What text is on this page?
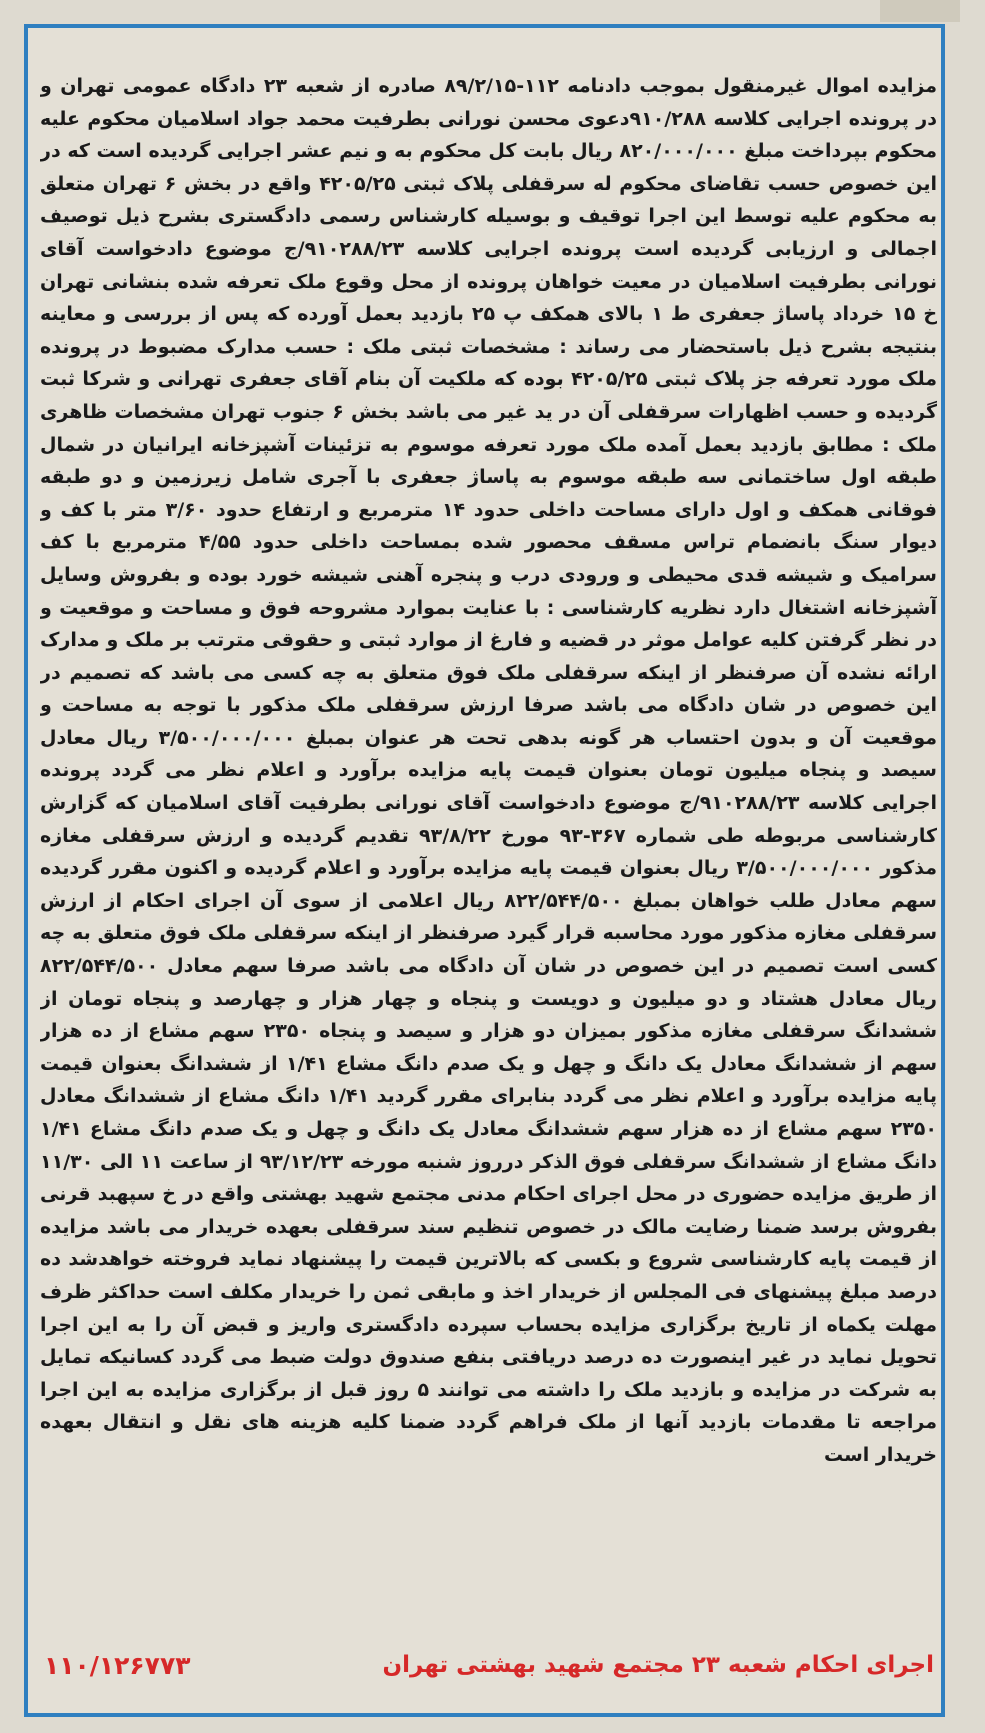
مزایده اموال غیرمنقول بموجب دادنامه ۱۱۲-۸۹/۲/۱۵ صادره از شعبه ۲۳ دادگاه عمومی تهران و در پرونده اجرایی کلاسه ۹۱۰/۲۸۸دعوی محسن نورانی بطرفیت محمد جواد اسلامیان محکوم علیه محکوم بپرداخت مبلغ ۸۲۰/۰۰۰/۰۰۰ ریال بابت کل محکوم به و نیم عشر اجرایی گردیده است که در این خصوص حسب تقاضای محکوم له سرقفلی پلاک ثبتی ۴۲۰۵/۲۵ واقع در بخش ۶ تهران متعلق به محکوم علیه توسط این اجرا توقیف و بوسیله کارشناس رسمی دادگستری بشرح ذیل توصیف اجمالی و ارزیابی گردیده است پرونده اجرایی کلاسه ۹۱۰۲۸۸/۲۳/ج موضوع دادخواست آقای نورانی بطرفیت اسلامیان در معیت خواهان پرونده از محل وقوع ملک تعرفه شده بنشانی تهران خ ۱۵ خرداد پاساژ جعفری ط ۱ بالای همکف پ ۲۵ بازدید بعمل آورده که پس از بررسی و معاینه بنتیجه بشرح ذیل باستحضار می رساند : مشخصات ثبتی ملک : حسب مدارک مضبوط در پرونده ملک مورد تعرفه جز پلاک ثبتی ۴۲۰۵/۲۵ بوده که ملکیت آن بنام آقای جعفری تهرانی و شرکا ثبت گردیده و حسب اظهارات سرقفلی آن در ید غیر می باشد بخش ۶ جنوب تهران مشخصات ظاهری ملک : مطابق بازدید بعمل آمده ملک مورد تعرفه موسوم به تزئینات آشپزخانه ایرانیان در شمال طبقه اول ساختمانی سه طبقه موسوم به پاساژ جعفری با آجری شامل زیرزمین و دو طبقه فوقانی همکف و اول دارای مساحت داخلی حدود ۱۴ مترمربع و ارتفاع حدود ۳/۶۰ متر با کف و دیوار سنگ بانضمام تراس مسقف محصور شده بمساحت داخلی حدود ۴/۵۵ مترمربع با کف سرامیک و شیشه قدی محیطی و ورودی درب و پنجره آهنی شیشه خورد بوده و بفروش وسایل آشپزخانه اشتغال دارد نظریه کارشناسی : با عنایت بموارد مشروحه فوق و مساحت و موقعیت و در نظر گرفتن کلیه عوامل موثر در قضیه و فارغ از موارد ثبتی و حقوقی مترتب بر ملک و مدارک ارائه نشده آن صرفنظر از اینکه سرقفلی ملک فوق متعلق به چه کسی می باشد که تصمیم در این خصوص در شان دادگاه می باشد صرفا ارزش سرقفلی ملک مذکور با توجه به مساحت و موقعیت آن و بدون احتساب هر گونه بدهی تحت هر عنوان بمبلغ ۳/۵۰۰/۰۰۰/۰۰۰ ریال معادل سیصد و پنجاه میلیون تومان بعنوان قیمت پایه مزایده برآورد و اعلام نظر می گردد پرونده اجرایی کلاسه ۹۱۰۲۸۸/۲۳/ج موضوع دادخواست آقای نورانی بطرفیت آقای اسلامیان که گزارش کارشناسی مربوطه طی شماره ۳۶۷-۹۳ مورخ ۹۳/۸/۲۲ تقدیم گردیده و ارزش سرقفلی مغازه مذکور ۳/۵۰۰/۰۰۰/۰۰۰ ریال بعنوان قیمت پایه مزایده برآورد و اعلام گردیده و اکنون مقرر گردیده سهم معادل طلب خواهان بمبلغ ۸۲۲/۵۴۴/۵۰۰ ریال اعلامی از سوی آن اجرای احکام از ارزش سرقفلی مغازه مذکور مورد محاسبه قرار گیرد صرفنظر از اینکه سرقفلی ملک فوق متعلق به چه کسی است تصمیم در این خصوص در شان آن دادگاه می باشد صرفا سهم معادل ۸۲۲/۵۴۴/۵۰۰ ریال معادل هشتاد و دو میلیون و دویست و پنجاه و چهار هزار و چهارصد و پنجاه تومان از ششدانگ سرقفلی مغازه مذکور بمیزان دو هزار و سیصد و پنجاه ۲۳۵۰ سهم مشاع از ده هزار سهم از ششدانگ معادل یک دانگ و چهل و یک صدم دانگ مشاع ۱/۴۱ از ششدانگ بعنوان قیمت پایه مزایده برآورد و اعلام نظر می گردد بنابرای مقرر گردید ۱/۴۱ دانگ مشاع از ششدانگ معادل ۲۳۵۰ سهم مشاع از ده هزار سهم ششدانگ معادل یک دانگ و چهل و یک صدم دانگ مشاع ۱/۴۱ دانگ مشاع از ششدانگ سرقفلی فوق الذکر درروز شنبه مورخه ۹۳/۱۲/۲۳ از ساعت ۱۱ الی ۱۱/۳۰ از طریق مزایده حضوری در محل اجرای احکام مدنی مجتمع شهید بهشتی واقع در خ سپهبد قرنی بفروش برسد ضمنا رضایت مالک در خصوص تنظیم سند سرقفلی بعهده خریدار می باشد مزایده از قیمت پایه کارشناسی شروع و بکسی که بالاترین قیمت را پیشنهاد نماید فروخته خواهدشد ده درصد مبلغ پیشنهای فی المجلس از خریدار اخذ و مابقی ثمن را خریدار مکلف است حداکثر ظرف مهلت یکماه از تاریخ برگزاری مزایده بحساب سپرده دادگستری واریز و قبض آن را به این اجرا تحویل نماید در غیر اینصورت ده درصد دریافتی بنفع صندوق دولت ضبط می گردد کسانیکه تمایل به شرکت در مزایده و بازدید ملک را داشته می توانند ۵ روز قبل از برگزاری مزایده به این اجرا مراجعه تا مقدمات بازدید آنها از ملک فراهم گردد ضمنا کلیه هزینه های نقل و انتقال بعهده خریدار است

اجرای احکام شعبه ۲۳ مجتمع شهید بهشتی تهران
۱۱۰/۱۲۶۷۷۳
